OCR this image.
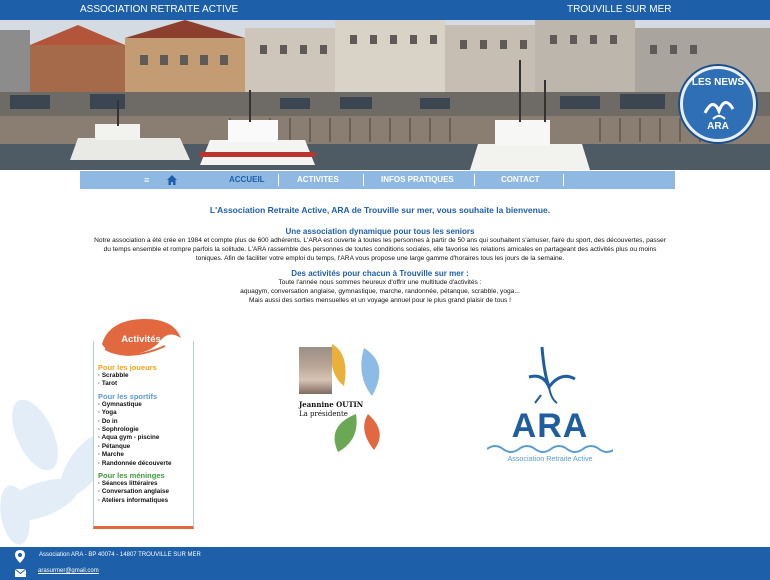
ASSOCIATION RETRAITE ACTIVE	TROUVILLE SUR MER
LES NEWS
ARA
≡	ACCUEIL	ACTIVITES	INFOS PRATIQUES	CONTACT
L'Association Retraite Active, ARA de Trouville sur mer, vous souhaite la bienvenue.
Une association dynamique pour tous les seniors

Notre association a été crée en 1984 et compte plus de 600 adhérents. L'ARA est ouverte à toutes les personnes à partir de 50 ans qui souhaitent s'amuser, faire du sport, des découvertes, passer du temps ensemble et rompre parfois la solitude. L'ARA rassemble des personnes de toutes conditions sociales, elle favorise les relations amicales en partageant des activités plus ou moins toniques. Afin de faciliter votre emploi du temps, l'ARA vous propose une large gamme d'horaires tous les jours de la semaine.

Des activités pour chacun à Trouville sur mer :

Toute l'année nous sommes heureux d'offrir une multitude d'activités :

aquagym, conversation anglaise, gymnastique, marche, randonnée, pétanque, scrabble, yoga...

Mais aussi des sorties mensuelles et un voyage annuel pour le plus grand plaisir de tous !

Pour les joueurs
· Scrabble
· Tarot
Pour les sportifs
· Gymnastique
· Yoga
· Do in
· Sophrologie
· Aqua gym - piscine
· Pétanque
· Marche
· Randonnée découverte
Pour les méninges
· Séances littéraires
· Conversation anglaise
· Ateliers informatiques
Activités
Jeannine OUTIN
La présidente	ARA
Association Retraite Active
Association ARA - BP 40074 - 14807 TROUVILLE SUR MER
arasurmer@gmail.com
